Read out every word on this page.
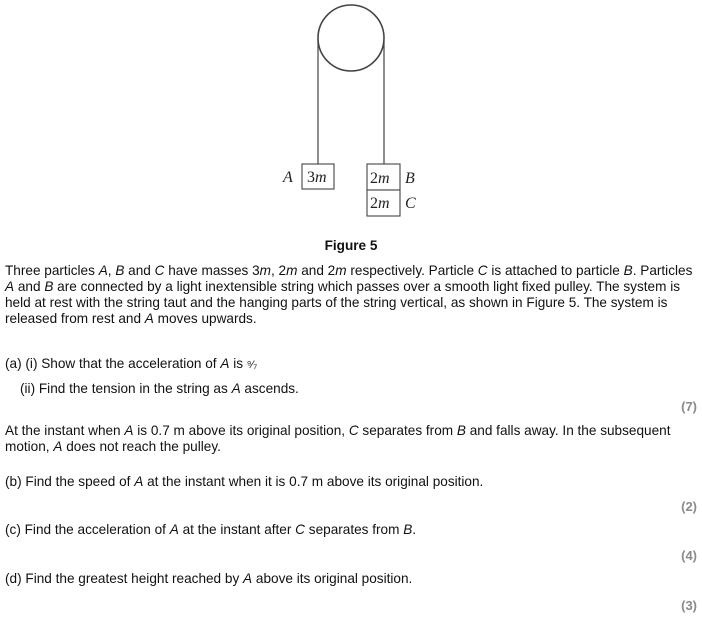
3m
A	2m B
2m C
Figure 5
Three particles A, B and C have masses 3m, 2m and 2m respectively. Particle C is attached to particle B. Particles A and B are connected by a light inextensible string which passes over a smooth light fixed pulley. The system is held at rest with the string taut and the hanging parts of the string vertical, as shown in Figure 5. The system is released from rest and A moves upwards.
(a) (i) Show that the acceleration of A is ⁹⁄₇
(ii) Find the tension in the string as A ascends.
(7)
At the instant when A is 0.7 m above its original position, C separates from B and falls away. In the subsequent motion, A does not reach the pulley.
(b) Find the speed of A at the instant when it is 0.7 m above its original position.
(2)
(c) Find the acceleration of A at the instant after C separates from B.
(4)
(d) Find the greatest height reached by A above its original position.
(3)
